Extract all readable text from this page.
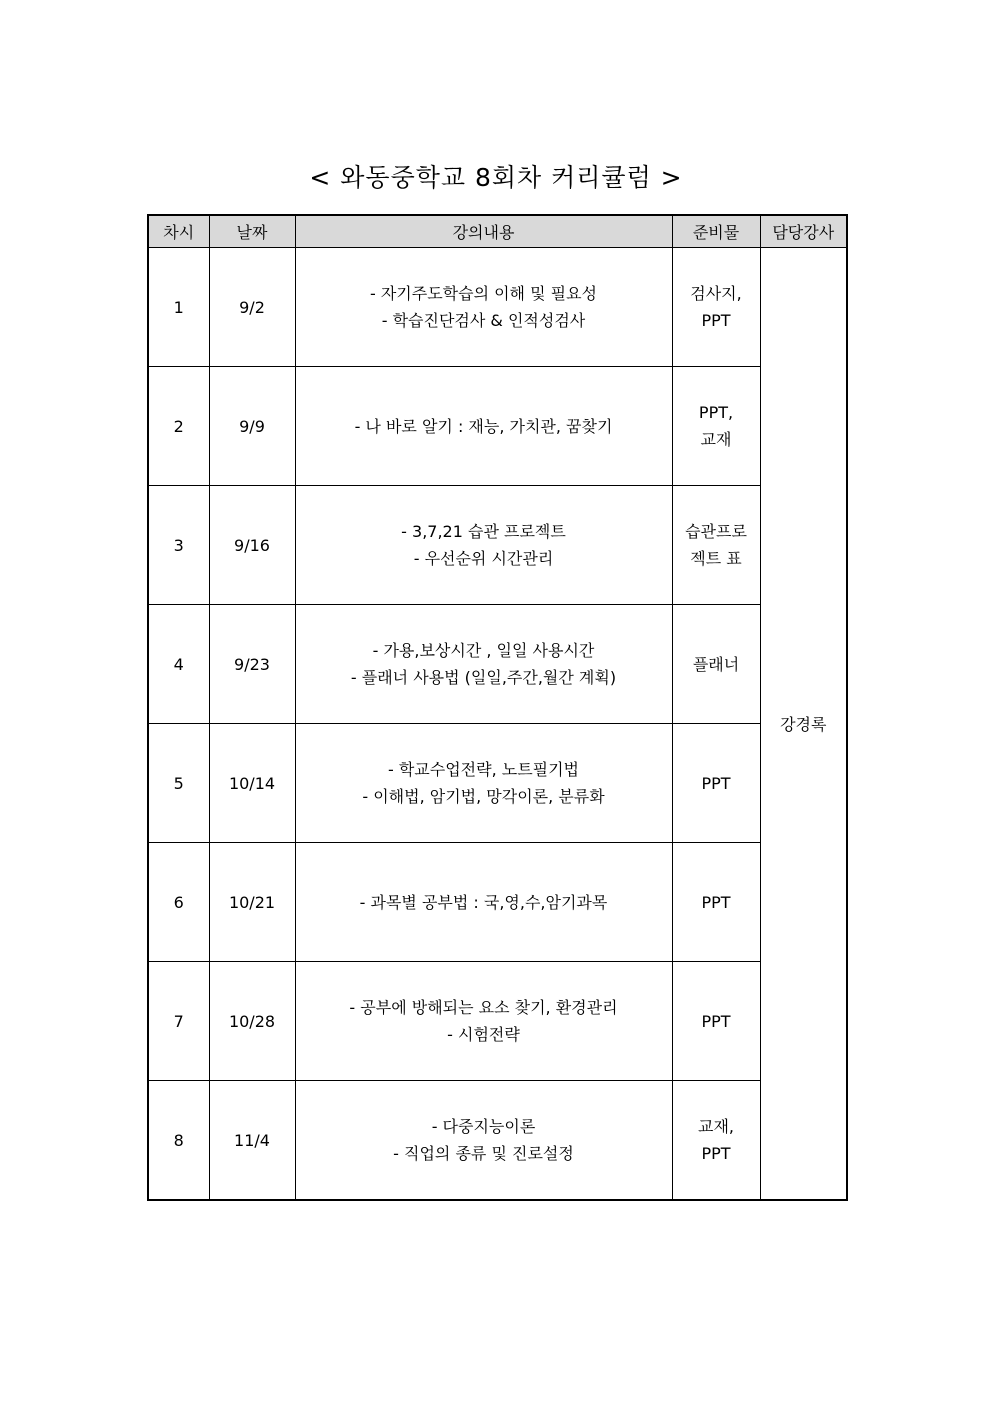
< 와동중학교 8회차 커리큘럼 >
차시	날짜	강의내용	준비물	담당강사
1	9/2	- 자기주도학습의 이해 및 필요성
- 학습진단검사 & 인적성검사	검사지,
PPT	강경록
2	9/9	- 나 바로 알기 : 재능, 가치관, 꿈찾기	PPT,
교재	

3	9/16	- 3,7,21 습관 프로젝트
- 우선순위 시간관리	습관프로
젝트 표	

4	9/23	- 가용,보상시간 , 일일 사용시간
- 플래너 사용법 (일일,주간,월간 계획)	플래너	

5	10/14	- 학교수업전략, 노트필기법
- 이해법, 암기법, 망각이론, 분류화	PPT	

6	10/21	- 과목별 공부법 : 국,영,수,암기과목	PPT	

7	10/28	- 공부에 방해되는 요소 찾기, 환경관리
- 시험전략	PPT	

8	11/4	- 다중지능이론
- 직업의 종류 및 진로설정	교재,
PPT	
